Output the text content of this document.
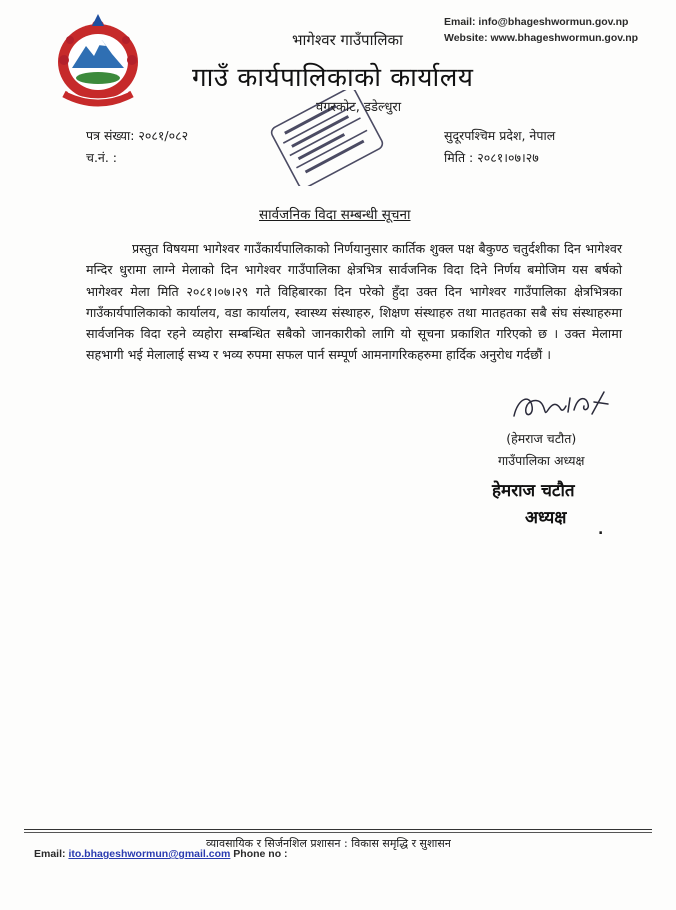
Email: info@bhageshwormun.gov.np
Website: www.bhageshwormun.gov.np
भागेश्वर गाउँपालिका
गाउँ कार्यपालिकाको कार्यालय
वगरकोट, डडेल्धुरा
पत्र संख्या: २०८१/०८२
च.नं. :
सुदूरपश्चिम प्रदेश, नेपाल
मिति : २०८१।०७।२७
सार्वजनिक विदा सम्बन्धी सूचना

प्रस्तुत विषयमा भागेश्वर गाउँकार्यपालिकाको निर्णयानुसार कार्तिक शुक्ल पक्ष बैकुण्ठ चतुर्दशीका दिन भागेश्वर मन्दिर धुरामा लाग्ने मेलाको दिन भागेश्वर गाउँपालिका क्षेत्रभित्र सार्वजनिक विदा दिने निर्णय बमोजिम यस बर्षको भागेश्वर मेला मिति २०८१।०७।२९ गते विहिबारका दिन परेको हुँदा उक्त दिन भागेश्वर गाउँपालिका क्षेत्रभित्रका गाउँकार्यपालिकाको कार्यालय, वडा कार्यालय, स्वास्थ्य संस्थाहरु, शिक्षण संस्थाहरु तथा मातहतका सबै संघ संस्थाहरुमा सार्वजनिक विदा रहने व्यहोरा सम्बन्धित सबैको जानकारीको लागि यो सूचना प्रकाशित गरिएको छ । उक्त मेलामा सहभागी भई मेलालाई सभ्य र भव्य रुपमा सफल पार्न सम्पूर्ण आमनागरिकहरुमा हार्दिक अनुरोध गर्दछौं ।

(हेमराज चटौत)
गाउँपालिका अध्यक्ष
हेमराज चटौत
अध्यक्ष
.
व्यावसायिक र सिर्जनशिल प्रशासन : विकास समृद्धि र सुशासन
Email: ito.bhageshwormun@gmail.com Phone no :
